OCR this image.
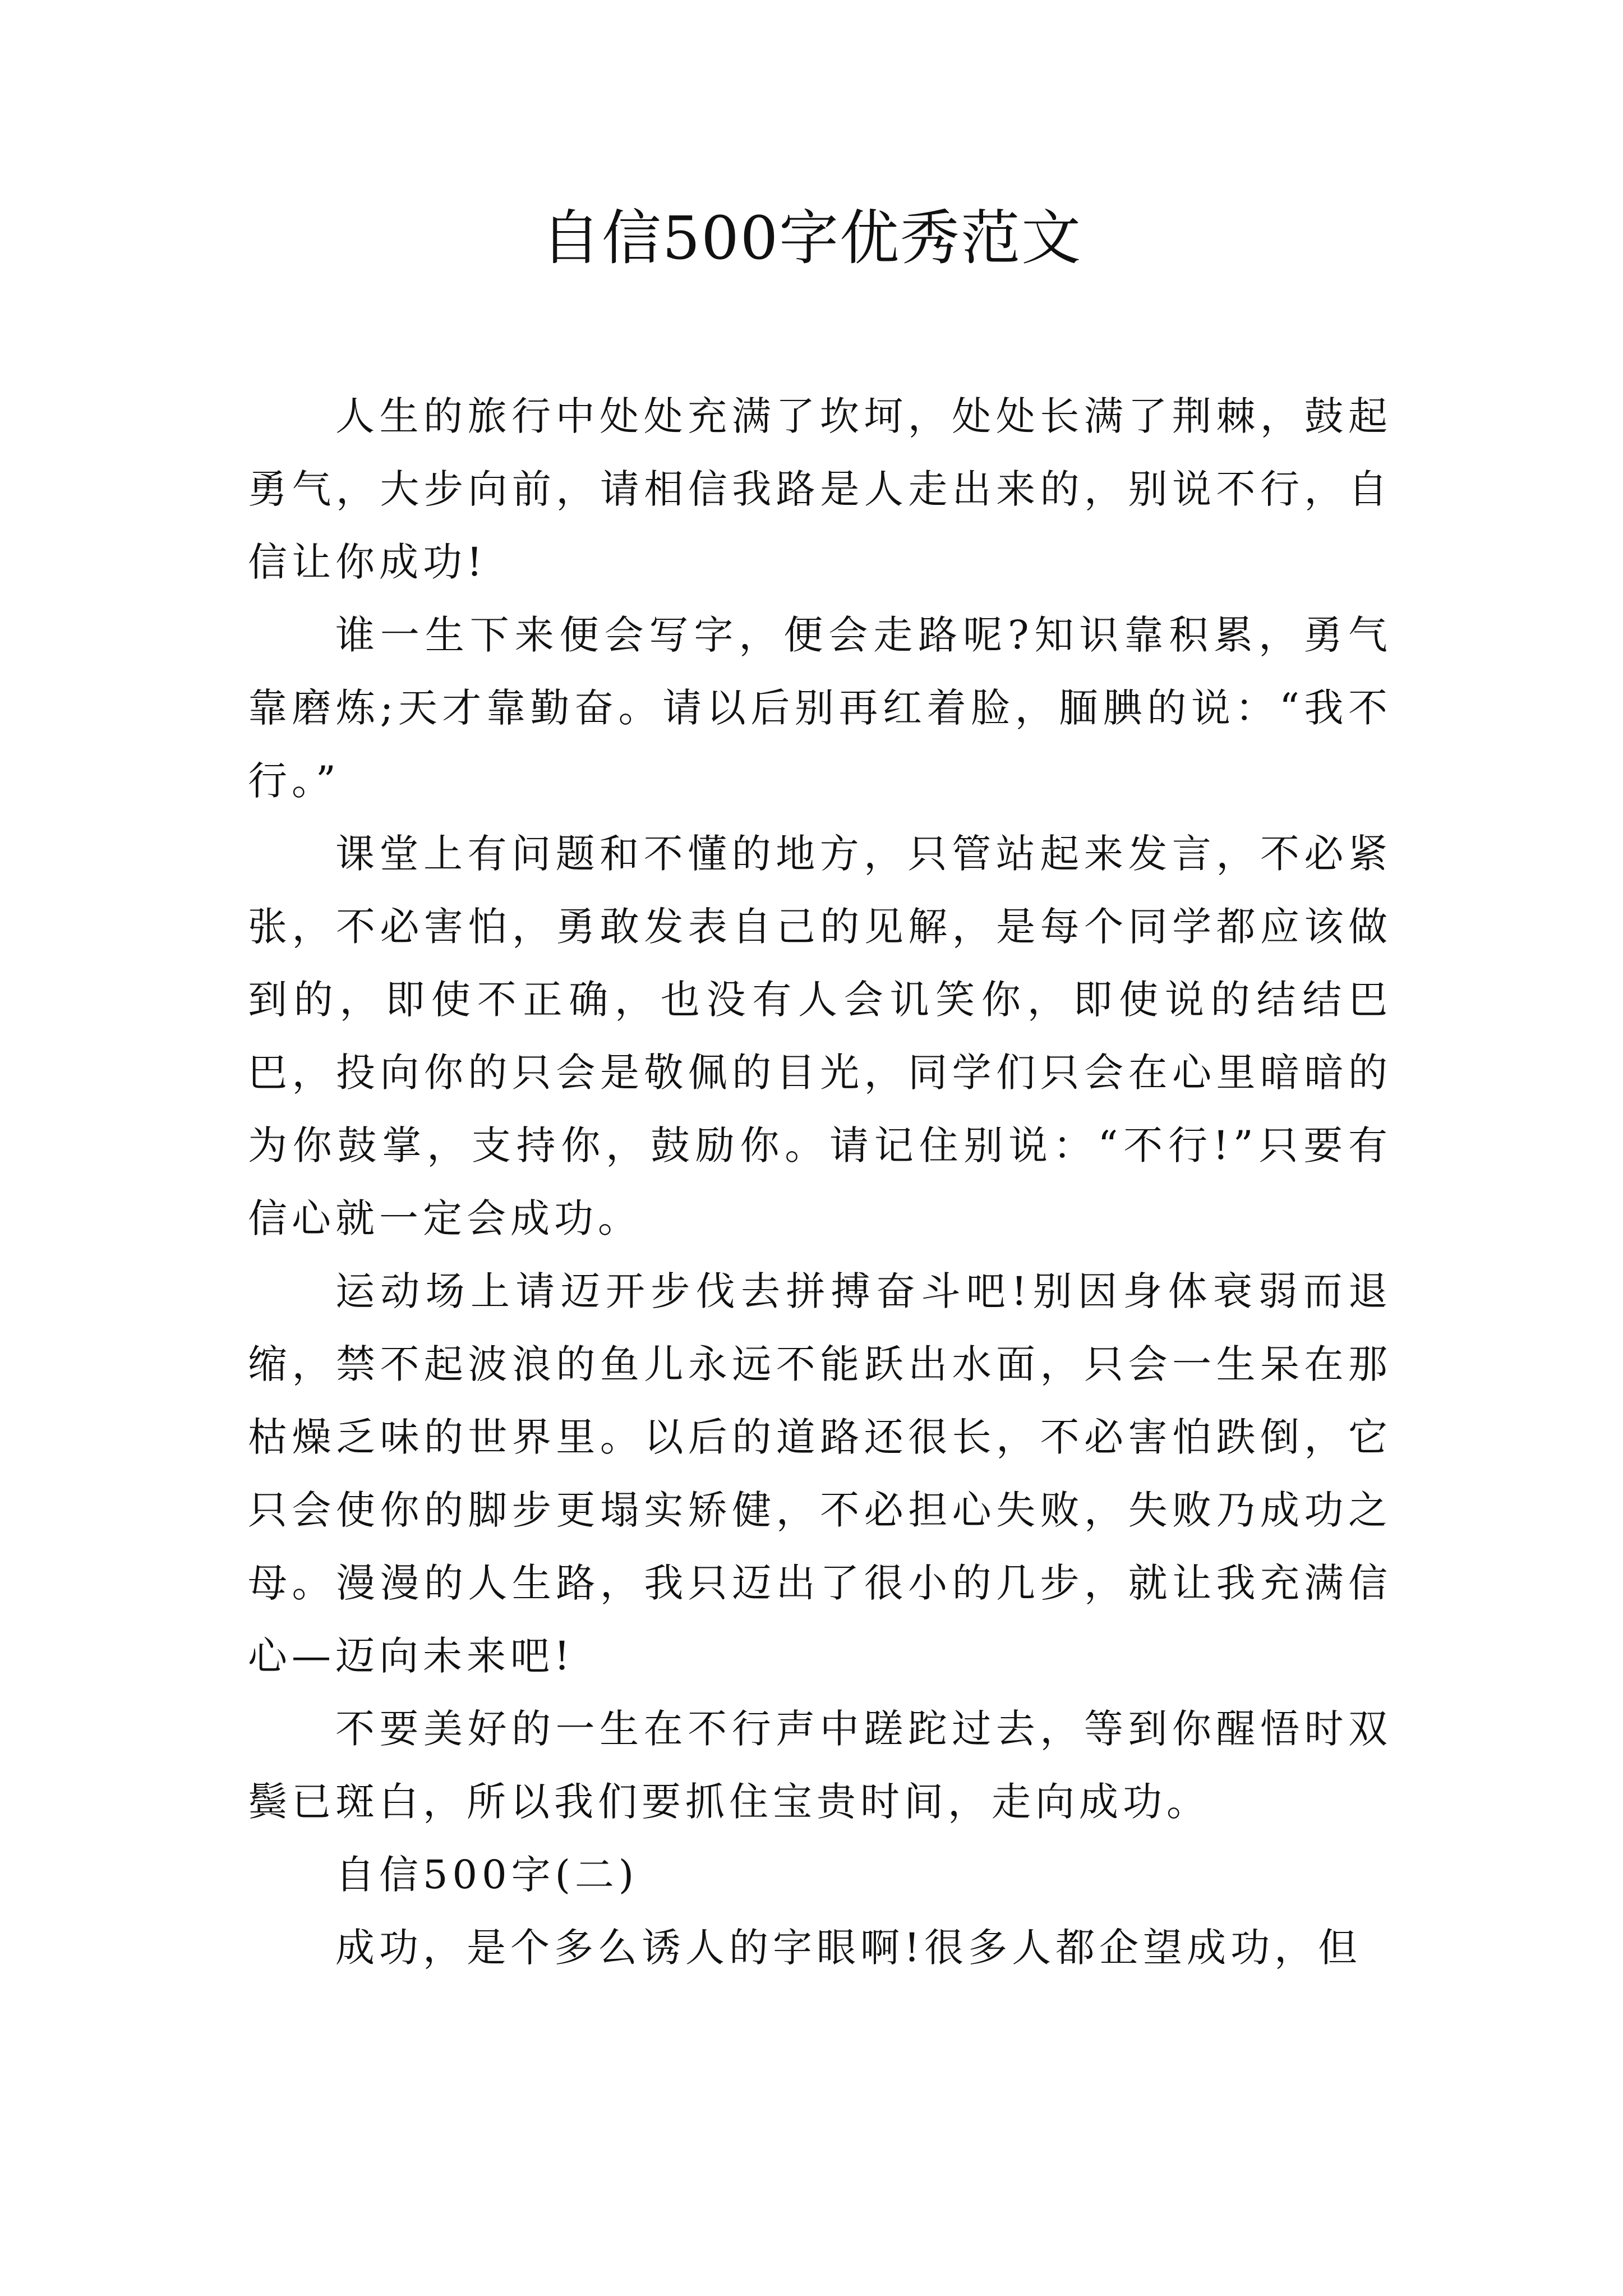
自信500字优秀范文

人生的旅行中处处充满了坎坷，处处长满了荆棘，鼓起勇气，大步向前，请相信我路是人走出来的，别说不行，自信让你成功!

谁一生下来便会写字，便会走路呢?知识靠积累，勇气靠磨炼;天才靠勤奋。请以后别再红着脸，腼腆的说：“我不行。”

课堂上有问题和不懂的地方，只管站起来发言，不必紧张，不必害怕，勇敢发表自己的见解，是每个同学都应该做到的，即使不正确，也没有人会讥笑你，即使说的结结巴巴，投向你的只会是敬佩的目光，同学们只会在心里暗暗的为你鼓掌，支持你，鼓励你。请记住别说：“不行!”只要有信心就一定会成功。

运动场上请迈开步伐去拼搏奋斗吧!别因身体衰弱而退缩，禁不起波浪的鱼儿永远不能跃出水面，只会一生呆在那枯燥乏味的世界里。以后的道路还很长，不必害怕跌倒，它只会使你的脚步更塌实矫健，不必担心失败，失败乃成功之母。漫漫的人生路，我只迈出了很小的几步，就让我充满信心—迈向未来吧!

不要美好的一生在不行声中蹉跎过去，等到你醒悟时双鬓已斑白，所以我们要抓住宝贵时间，走向成功。

自信500字(二)

成功，是个多么诱人的字眼啊!很多人都企望成功，但
